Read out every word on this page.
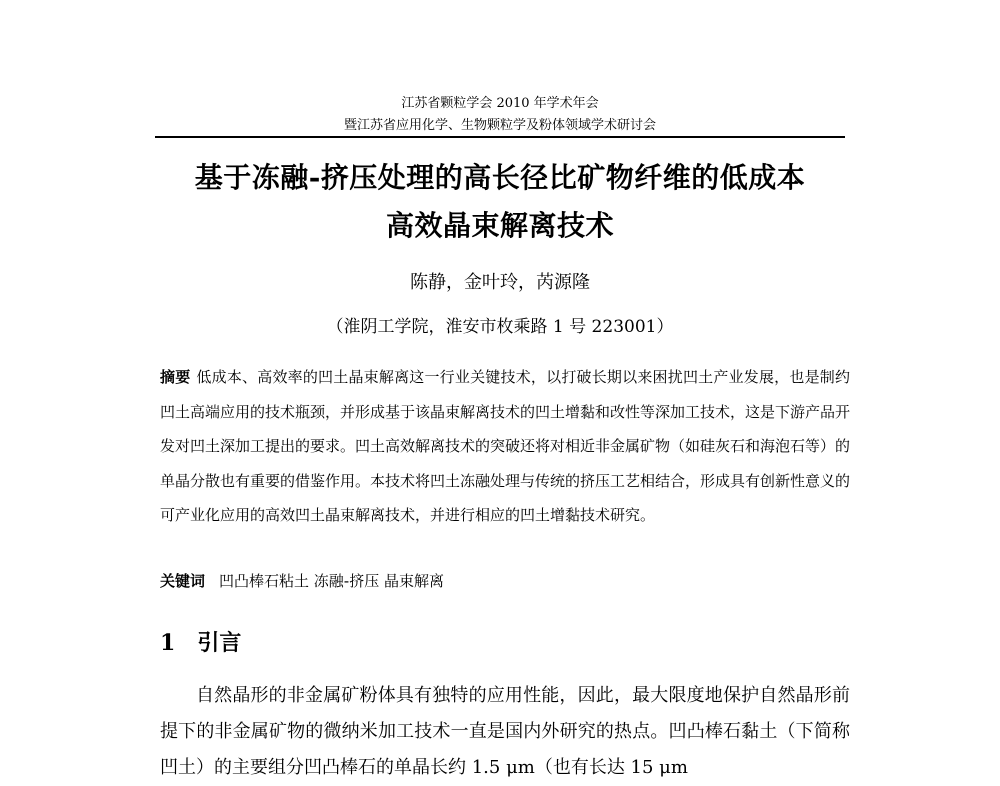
江苏省颗粒学会 2010 年学术年会
暨江苏省应用化学、生物颗粒学及粉体领域学术研讨会
基于冻融-挤压处理的高长径比矿物纤维的低成本
高效晶束解离技术
陈静，金叶玲，芮源隆
（淮阴工学院，淮安市枚乘路 1 号 223001）
摘要 低成本、高效率的凹土晶束解离这一行业关键技术，以打破长期以来困扰凹土产业发展，也是制约凹土高端应用的技术瓶颈，并形成基于该晶束解离技术的凹土增黏和改性等深加工技术，这是下游产品开发对凹土深加工提出的要求。凹土高效解离技术的突破还将对相近非金属矿物（如硅灰石和海泡石等）的单晶分散也有重要的借鉴作用。本技术将凹土冻融处理与传统的挤压工艺相结合，形成具有创新性意义的可产业化应用的高效凹土晶束解离技术，并进行相应的凹土增黏技术研究。
关键词 凹凸棒石粘土 冻融-挤压 晶束解离
1 引言
自然晶形的非金属矿粉体具有独特的应用性能，因此，最大限度地保护自然晶形前提下的非金属矿物的微纳米加工技术一直是国内外研究的热点。凹凸棒石黏土（下简称凹土）的主要组分凹凸棒石的单晶长约 1.5 μm（也有长达 15 μm
